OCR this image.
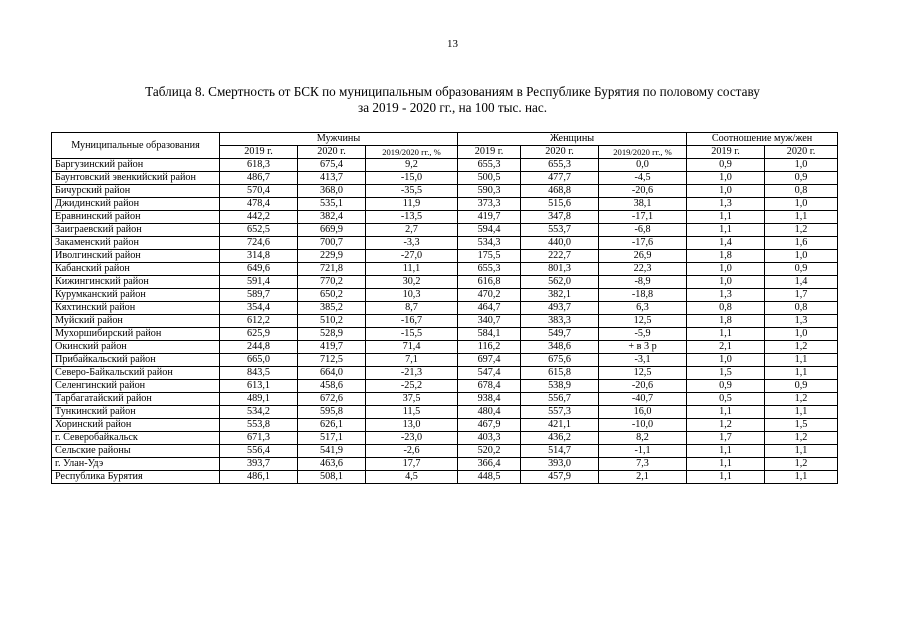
13
Таблица 8. Смертность от БСК по муниципальным образованиям в Республике Бурятия по половому составу
за 2019 - 2020 гг., на 100 тыс. нас.
Муниципальные образования	Мужчины			Женщины			Соотношение муж/жен	
	2019 г.	2020 г.	2019/2020 гг., %	2019 г.	2020 г.	2019/2020 гг., %	2019 г.	2020 г.
Баргузинский район	618,3	675,4	9,2	655,3	655,3	0,0	0,9	1,0
Баунтовский эвенкийский район	486,7	413,7	-15,0	500,5	477,7	-4,5	1,0	0,9
Бичурский район	570,4	368,0	-35,5	590,3	468,8	-20,6	1,0	0,8
Джидинский район	478,4	535,1	11,9	373,3	515,6	38,1	1,3	1,0
Еравнинский район	442,2	382,4	-13,5	419,7	347,8	-17,1	1,1	1,1
Заиграевский район	652,5	669,9	2,7	594,4	553,7	-6,8	1,1	1,2
Закаменский район	724,6	700,7	-3,3	534,3	440,0	-17,6	1,4	1,6
Иволгинский район	314,8	229,9	-27,0	175,5	222,7	26,9	1,8	1,0
Кабанский район	649,6	721,8	11,1	655,3	801,3	22,3	1,0	0,9
Кижингинский район	591,4	770,2	30,2	616,8	562,0	-8,9	1,0	1,4
Курумканский район	589,7	650,2	10,3	470,2	382,1	-18,8	1,3	1,7
Кяхтинский район	354,4	385,2	8,7	464,7	493,7	6,3	0,8	0,8
Муйский район	612,2	510,2	-16,7	340,7	383,3	12,5	1,8	1,3
Мухоршибирский район	625,9	528,9	-15,5	584,1	549,7	-5,9	1,1	1,0
Окинский район	244,8	419,7	71,4	116,2	348,6	+ в 3 р	2,1	1,2
Прибайкальский район	665,0	712,5	7,1	697,4	675,6	-3,1	1,0	1,1
Северо-Байкальский район	843,5	664,0	-21,3	547,4	615,8	12,5	1,5	1,1
Селенгинский район	613,1	458,6	-25,2	678,4	538,9	-20,6	0,9	0,9
Тарбагатайский район	489,1	672,6	37,5	938,4	556,7	-40,7	0,5	1,2
Тункинский район	534,2	595,8	11,5	480,4	557,3	16,0	1,1	1,1
Хоринский район	553,8	626,1	13,0	467,9	421,1	-10,0	1,2	1,5
г. Северобайкальск	671,3	517,1	-23,0	403,3	436,2	8,2	1,7	1,2
Сельские районы	556,4	541,9	-2,6	520,2	514,7	-1,1	1,1	1,1
г. Улан-Удэ	393,7	463,6	17,7	366,4	393,0	7,3	1,1	1,2
Республика Бурятия	486,1	508,1	4,5	448,5	457,9	2,1	1,1	1,1
